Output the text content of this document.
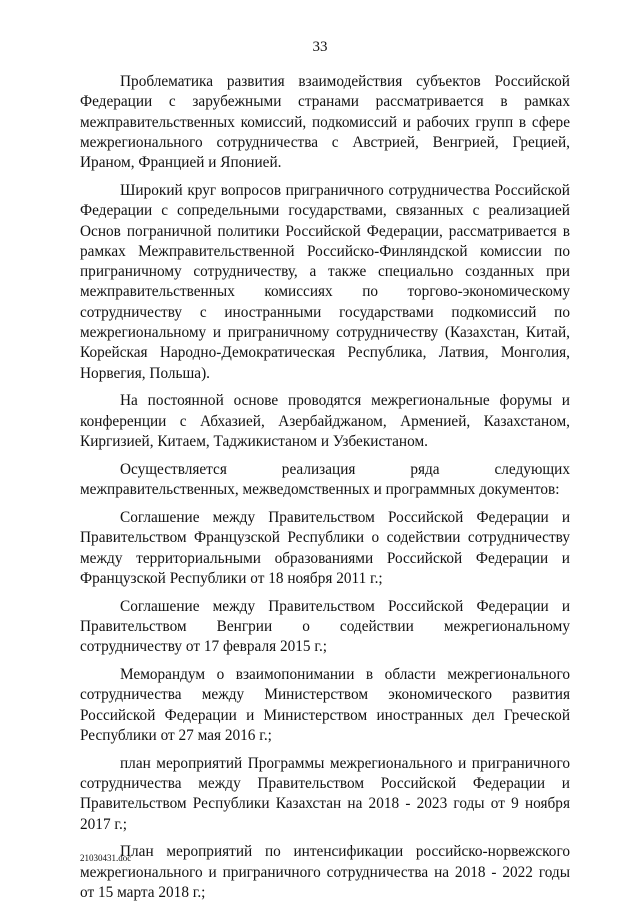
33

Проблематика развития взаимодействия субъектов Российской Федерации с зарубежными странами рассматривается в рамках межправительственных комиссий, подкомиссий и рабочих групп в сфере межрегионального сотрудничества с Австрией, Венгрией, Грецией, Ираном, Францией и Японией.

Широкий круг вопросов приграничного сотрудничества Российской Федерации с сопредельными государствами, связанных с реализацией Основ пограничной политики Российской Федерации, рассматривается в рамках Межправительственной Российско-Финляндской комиссии по приграничному сотрудничеству, а также специально созданных при межправительственных комиссиях по торгово-экономическому сотрудничеству с иностранными государствами подкомиссий по межрегиональному и приграничному сотрудничеству (Казахстан, Китай, Корейская Народно-Демократическая Республика, Латвия, Монголия, Норвегия, Польша).

На постоянной основе проводятся межрегиональные форумы и конференции с Абхазией, Азербайджаном, Арменией, Казахстаном, Киргизией, Китаем, Таджикистаном и Узбекистаном.

Осуществляется реализация ряда следующих межправительственных, межведомственных и программных документов:

Соглашение между Правительством Российской Федерации и Правительством Французской Республики о содействии сотрудничеству между территориальными образованиями Российской Федерации и Французской Республики от 18 ноября 2011 г.;

Соглашение между Правительством Российской Федерации и Правительством Венгрии о содействии межрегиональному сотрудничеству от 17 февраля 2015 г.;

Меморандум о взаимопонимании в области межрегионального сотрудничества между Министерством экономического развития Российской Федерации и Министерством иностранных дел Греческой Республики от 27 мая 2016 г.;

план мероприятий Программы межрегионального и приграничного сотрудничества между Правительством Российской Федерации и Правительством Республики Казахстан на 2018 - 2023 годы от 9 ноября 2017 г.;

План мероприятий по интенсификации российско-норвежского межрегионального и приграничного сотрудничества на 2018 - 2022 годы от 15 марта 2018 г.;

21030431.doc
